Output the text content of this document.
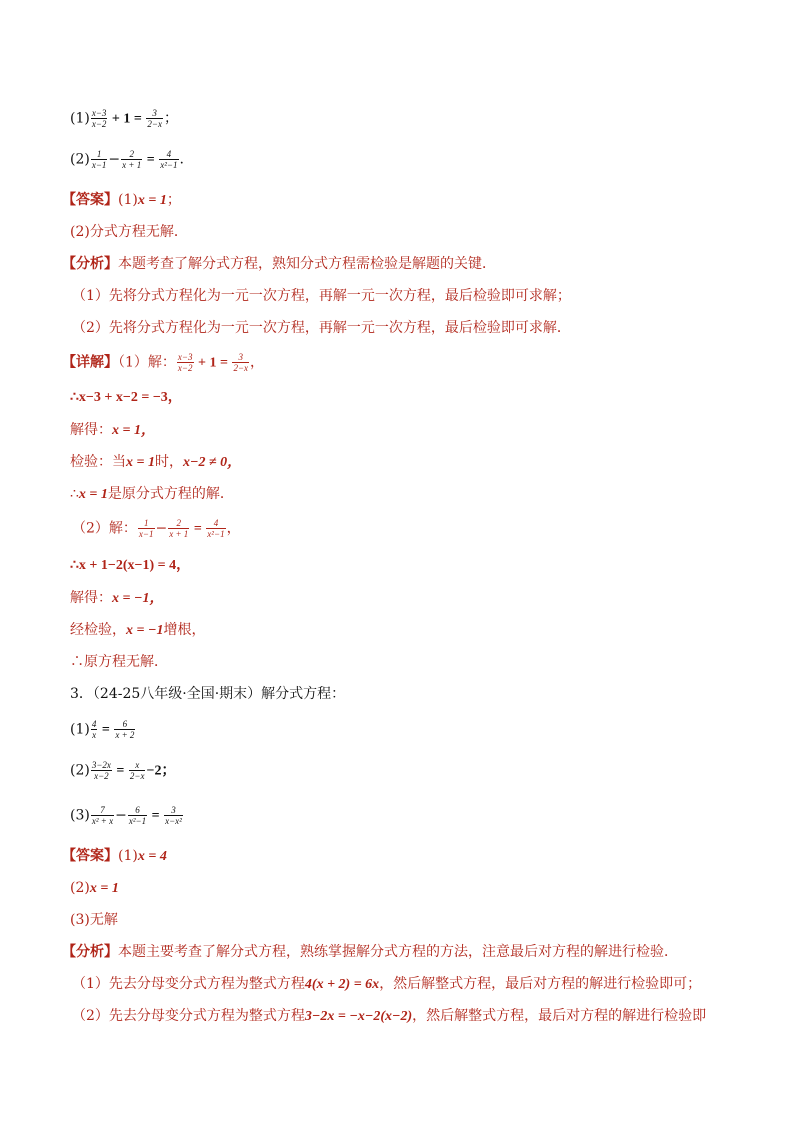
$(1) \frac{x-3}{x-2} + 1 = \frac{3}{2-x}$ ；
$(2) \frac{1}{x-1} - \frac{2}{x + 1} = \frac{4}{\text{x²−1}}$ .
【答案】(1)x = 1；
(2)分式方程无解．
【分析】本题考查了解分式方程，熟知分式方程需检验是解题的关键．
（1）先将分式方程化为一元一次方程，再解一元一次方程，最后检验即可求解；
（2）先将分式方程化为一元一次方程，再解一元一次方程，最后检验即可求解．
【详解】（1）解： $\frac{x-3}{x-2} + 1 = \frac{3}{2-x}$ ，
∴x−3 + x−2 = −3，
解得：x = 1，
检验：当x = 1时，x−2 ≠ 0，
∴x = 1是原分式方程的解．
（2）解： $\frac{1}{x-1} - \frac{2}{x + 1} = \frac{4}{\text{x²−1}}$ ，
∴x + 1−2(x−1) = 4，
解得：x = −1，
经检验，x = −1增根，
∴原方程无解．
3．（24-25八年级·全国·期末）解分式方程：
$(1) \frac{4}{x} = \frac{6}{x + 2}$
$(2) \frac{3-2x}{x-2} = \frac{x}{2-x} -2$；
$(3) \frac{7}{\text{x² + x}} - \frac{6}{\text{x²−1}} = \frac{3}{\text{x−x²}}$
【答案】(1)x = 4
(2)x = 1
(3)无解
【分析】本题主要考查了解分式方程，熟练掌握解分式方程的方法，注意最后对方程的解进行检验．
（1）先去分母变分式方程为整式方程4(x + 2) = 6x，然后解整式方程，最后对方程的解进行检验即可；
（2）先去分母变分式方程为整式方程3−2x = −x−2(x−2)，然后解整式方程，最后对方程的解进行检验即
